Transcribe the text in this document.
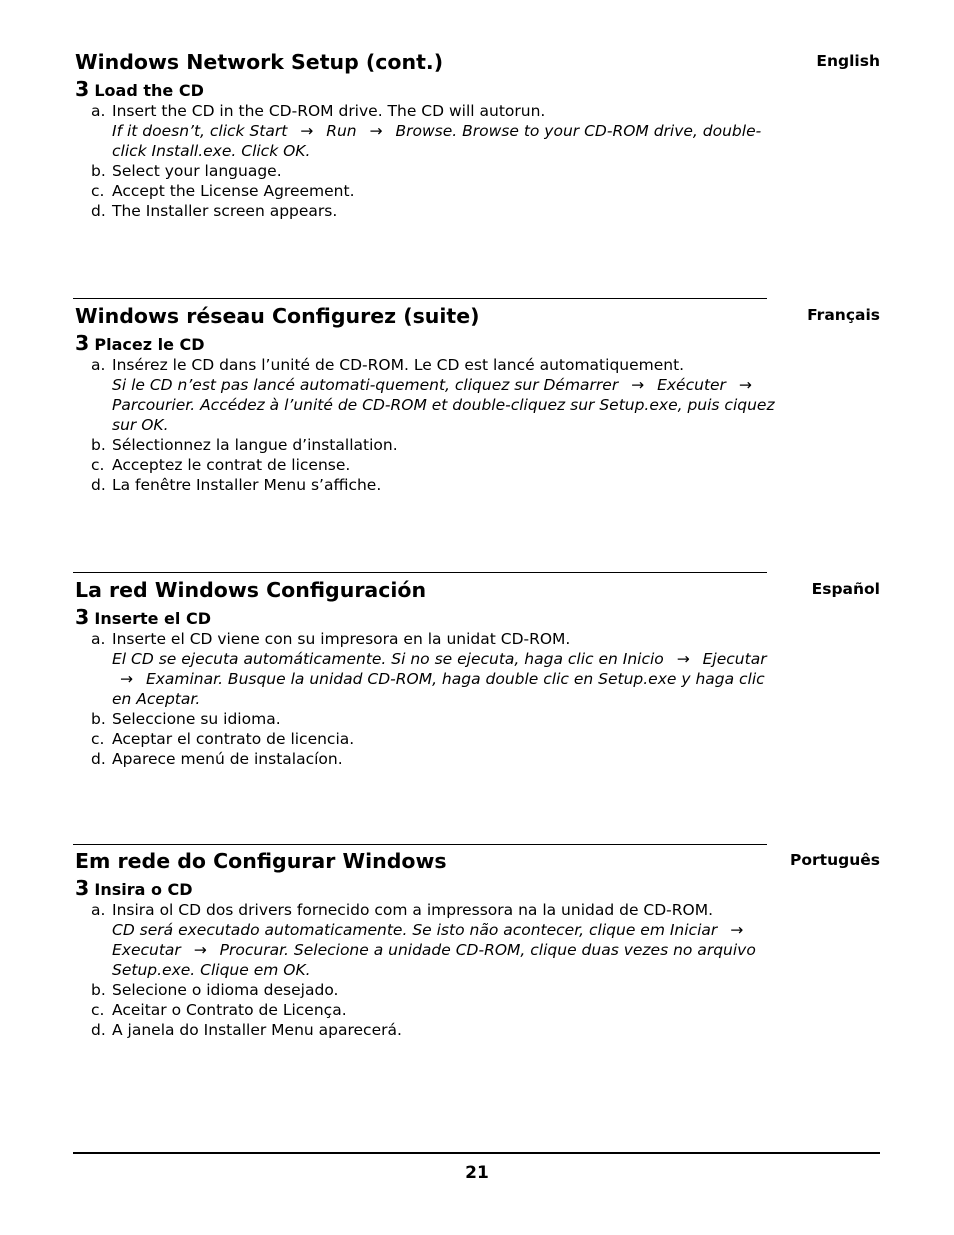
Windows Network Setup (cont.)	English
3 Load the CD
a. Insert the CD in the CD-ROM drive. The CD will autorun.
If it doesn’t, click Start → Run → Browse. Browse to your CD-ROM drive, double-click Install.exe. Click OK.
b. Select your language.
c. Accept the License Agreement.
d. The Installer screen appears.
Windows réseau Configurez (suite)	Français
3 Placez le CD
a. Insérez le CD dans l’unité de CD-ROM. Le CD est lancé automatiquement.
Si le CD n’est pas lancé automati-quement, cliquez sur Démarrer → Exécuter → Parcourier. Accédez à l’unité de CD-ROM et double-cliquez sur Setup.exe, puis ciquez sur OK.
b. Sélectionnez la langue d’installation.
c. Acceptez le contrat de license.
d. La fenêtre Installer Menu s’affiche.
La red Windows Configuración	Español
3 Inserte el CD
a. Inserte el CD viene con su impresora en la unidat CD-ROM.
El CD se ejecuta automáticamente. Si no se ejecuta, haga clic en Inicio → Ejecutar → Examinar. Busque la unidad CD-ROM, haga double clic en Setup.exe y haga clic en Aceptar.
b. Seleccione su idioma.
c. Aceptar el contrato de licencia.
d. Aparece menú de instalacíon.
Em rede do Configurar Windows	Português
3 Insira o CD
a. Insira ol CD dos drivers fornecido com a impressora na la unidad de CD-ROM.
CD será executado automaticamente. Se isto não acontecer, clique em Iniciar → Executar → Procurar. Selecione a unidade CD-ROM, clique duas vezes no arquivo Setup.exe. Clique em OK.
b. Selecione o idioma desejado.
c. Aceitar o Contrato de Licença.
d. A janela do Installer Menu aparecerá.
21
